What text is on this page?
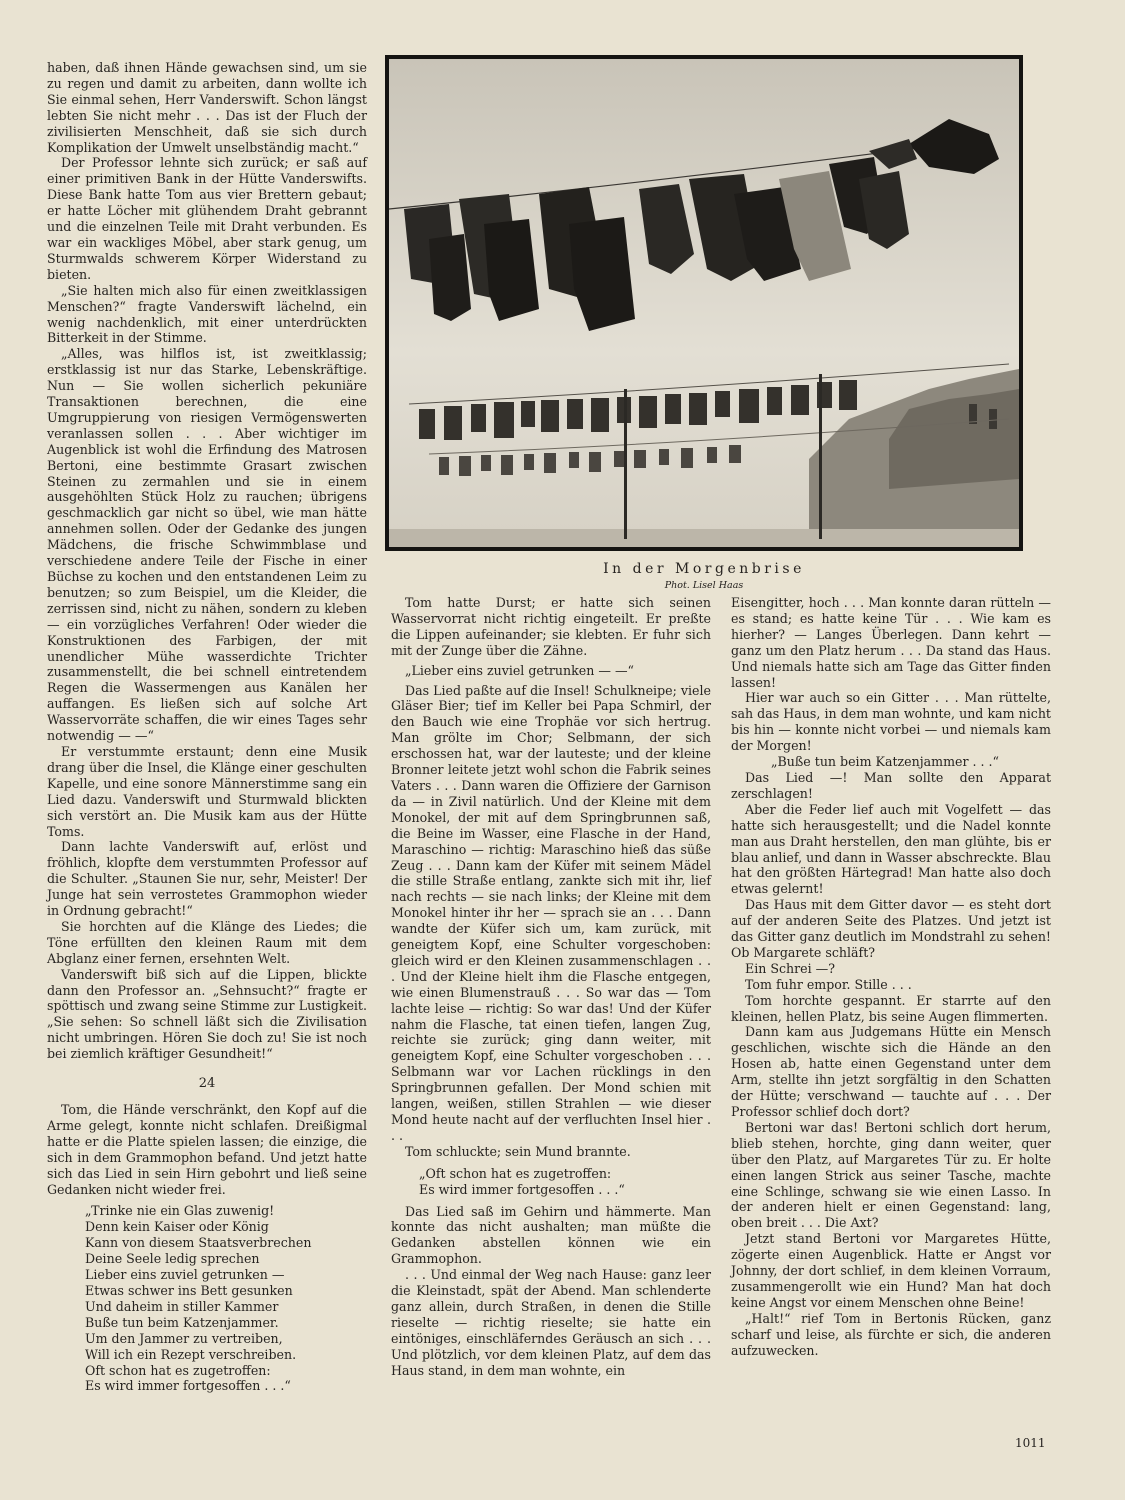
haben, daß ihnen Hände gewachsen sind, um sie zu regen und damit zu arbeiten, dann wollte ich Sie einmal sehen, Herr Vanderswift. Schon längst lebten Sie nicht mehr . . . Das ist der Fluch der zivilisierten Menschheit, daß sie sich durch Komplikation der Umwelt unselbständig macht.“

Der Professor lehnte sich zurück; er saß auf einer primitiven Bank in der Hütte Vanderswifts. Diese Bank hatte Tom aus vier Brettern gebaut; er hatte Löcher mit glühendem Draht gebrannt und die einzelnen Teile mit Draht verbunden. Es war ein wackliges Möbel, aber stark genug, um Sturmwalds schwerem Körper Widerstand zu bieten.

„Sie halten mich also für einen zweitklassigen Menschen?“ fragte Vanderswift lächelnd, ein wenig nachdenklich, mit einer unterdrückten Bitterkeit in der Stimme.

„Alles, was hilflos ist, ist zweitklassig; erstklassig ist nur das Starke, Lebenskräftige. Nun — Sie wollen sicherlich pekuniäre Transaktionen berechnen, die eine Umgruppierung von riesigen Vermögenswerten veranlassen sollen . . . Aber wichtiger im Augenblick ist wohl die Erfindung des Matrosen Bertoni, eine bestimmte Grasart zwischen Steinen zu zermahlen und sie in einem ausgehöhlten Stück Holz zu rauchen; übrigens geschmacklich gar nicht so übel, wie man hätte annehmen sollen. Oder der Gedanke des jungen Mädchens, die frische Schwimmblase und verschiedene andere Teile der Fische in einer Büchse zu kochen und den entstandenen Leim zu benutzen; so zum Beispiel, um die Kleider, die zerrissen sind, nicht zu nähen, sondern zu kleben — ein vorzügliches Verfahren! Oder wieder die Konstruktionen des Farbigen, der mit unendlicher Mühe wasserdichte Trichter zusammenstellt, die bei schnell eintretendem Regen die Wassermengen aus Kanälen her auffangen. Es ließen sich auf solche Art Wasservorräte schaffen, die wir eines Tages sehr notwendig — —“

Er verstummte erstaunt; denn eine Musik drang über die Insel, die Klänge einer geschulten Kapelle, und eine sonore Männerstimme sang ein Lied dazu. Vanderswift und Sturmwald blickten sich verstört an. Die Musik kam aus der Hütte Toms.

Dann lachte Vanderswift auf, erlöst und fröhlich, klopfte dem verstummten Professor auf die Schulter. „Staunen Sie nur, sehr, Meister! Der Junge hat sein verrostetes Grammophon wieder in Ordnung gebracht!“

Sie horchten auf die Klänge des Liedes; die Töne erfüllten den kleinen Raum mit dem Abglanz einer fernen, ersehnten Welt.

Vanderswift biß sich auf die Lippen, blickte dann den Professor an. „Sehnsucht?“ fragte er spöttisch und zwang seine Stimme zur Lustigkeit. „Sie sehen: So schnell läßt sich die Zivilisation nicht umbringen. Hören Sie doch zu! Sie ist noch bei ziemlich kräftiger Gesundheit!“

24

Tom, die Hände verschränkt, den Kopf auf die Arme gelegt, konnte nicht schlafen. Dreißigmal hatte er die Platte spielen lassen; die einzige, die sich in dem Grammophon befand. Und jetzt hatte sich das Lied in sein Hirn gebohrt und ließ seine Gedanken nicht wieder frei.

„Trinke nie ein Glas zuwenig!
Denn kein Kaiser oder König
Kann von diesem Staatsverbrechen
Deine Seele ledig sprechen
Lieber eins zuviel getrunken —
Etwas schwer ins Bett gesunken
Und daheim in stiller Kammer
Buße tun beim Katzenjammer.
Um den Jammer zu vertreiben,
Will ich ein Rezept verschreiben.
Oft schon hat es zugetroffen:
Es wird immer fortgesoffen . . .“
In der Morgenbrise
Phot. Lisel Haas

Tom hatte Durst; er hatte sich seinen Wasservorrat nicht richtig eingeteilt. Er preßte die Lippen aufeinander; sie klebten. Er fuhr sich mit der Zunge über die Zähne.

„Lieber eins zuviel getrunken — —“

Das Lied paßte auf die Insel! Schulkneipe; viele Gläser Bier; tief im Keller bei Papa Schmirl, der den Bauch wie eine Trophäe vor sich hertrug. Man grölte im Chor; Selbmann, der sich erschossen hat, war der lauteste; und der kleine Bronner leitete jetzt wohl schon die Fabrik seines Vaters . . . Dann waren die Offiziere der Garnison da — in Zivil natürlich. Und der Kleine mit dem Monokel, der mit auf dem Springbrunnen saß, die Beine im Wasser, eine Flasche in der Hand, Maraschino — richtig: Maraschino hieß das süße Zeug . . . Dann kam der Küfer mit seinem Mädel die stille Straße entlang, zankte sich mit ihr, lief nach rechts — sie nach links; der Kleine mit dem Monokel hinter ihr her — sprach sie an . . . Dann wandte der Küfer sich um, kam zurück, mit geneigtem Kopf, eine Schulter vorgeschoben: gleich wird er den Kleinen zusammenschlagen . . . Und der Kleine hielt ihm die Flasche entgegen, wie einen Blumenstrauß . . . So war das — Tom lachte leise — richtig: So war das! Und der Küfer nahm die Flasche, tat einen tiefen, langen Zug, reichte sie zurück; ging dann weiter, mit geneigtem Kopf, eine Schulter vorgeschoben . . . Selbmann war vor Lachen rücklings in den Springbrunnen gefallen. Der Mond schien mit langen, weißen, stillen Strahlen — wie dieser Mond heute nacht auf der verfluchten Insel hier . . .

Tom schluckte; sein Mund brannte.

„Oft schon hat es zugetroffen:
Es wird immer fortgesoffen . . .“

Das Lied saß im Gehirn und hämmerte. Man konnte das nicht aushalten; man müßte die Gedanken abstellen können wie ein Grammophon.

. . . Und einmal der Weg nach Hause: ganz leer die Kleinstadt, spät der Abend. Man schlenderte ganz allein, durch Straßen, in denen die Stille rieselte — richtig rieselte; sie hatte ein eintöniges, einschläferndes Geräusch an sich . . . Und plötzlich, vor dem kleinen Platz, auf dem das Haus stand, in dem man wohnte, ein

Eisengitter, hoch . . . Man konnte daran rütteln — es stand; es hatte keine Tür . . . Wie kam es hierher? — Langes Überlegen. Dann kehrt — ganz um den Platz herum . . . Da stand das Haus. Und niemals hatte sich am Tage das Gitter finden lassen!

Hier war auch so ein Gitter . . . Man rüttelte, sah das Haus, in dem man wohnte, und kam nicht bis hin — konnte nicht vorbei — und niemals kam der Morgen!

„Buße tun beim Katzenjammer . . .“

Das Lied —! Man sollte den Apparat zerschlagen!

Aber die Feder lief auch mit Vogelfett — das hatte sich herausgestellt; und die Nadel konnte man aus Draht herstellen, den man glühte, bis er blau anlief, und dann in Wasser abschreckte. Blau hat den größten Härtegrad! Man hatte also doch etwas gelernt!

Das Haus mit dem Gitter davor — es steht dort auf der anderen Seite des Platzes. Und jetzt ist das Gitter ganz deutlich im Mondstrahl zu sehen! Ob Margarete schläft?

Ein Schrei —?

Tom fuhr empor. Stille . . .

Tom horchte gespannt. Er starrte auf den kleinen, hellen Platz, bis seine Augen flimmerten.

Dann kam aus Judgemans Hütte ein Mensch geschlichen, wischte sich die Hände an den Hosen ab, hatte einen Gegenstand unter dem Arm, stellte ihn jetzt sorgfältig in den Schatten der Hütte; verschwand — tauchte auf . . . Der Professor schlief doch dort?

Bertoni war das! Bertoni schlich dort herum, blieb stehen, horchte, ging dann weiter, quer über den Platz, auf Margaretes Tür zu. Er holte einen langen Strick aus seiner Tasche, machte eine Schlinge, schwang sie wie einen Lasso. In der anderen hielt er einen Gegenstand: lang, oben breit . . . Die Axt?

Jetzt stand Bertoni vor Margaretes Hütte, zögerte einen Augenblick. Hatte er Angst vor Johnny, der dort schlief, in dem kleinen Vorraum, zusammengerollt wie ein Hund? Man hat doch keine Angst vor einem Menschen ohne Beine!

„Halt!“ rief Tom in Bertonis Rücken, ganz scharf und leise, als fürchte er sich, die anderen aufzuwecken.

1011
